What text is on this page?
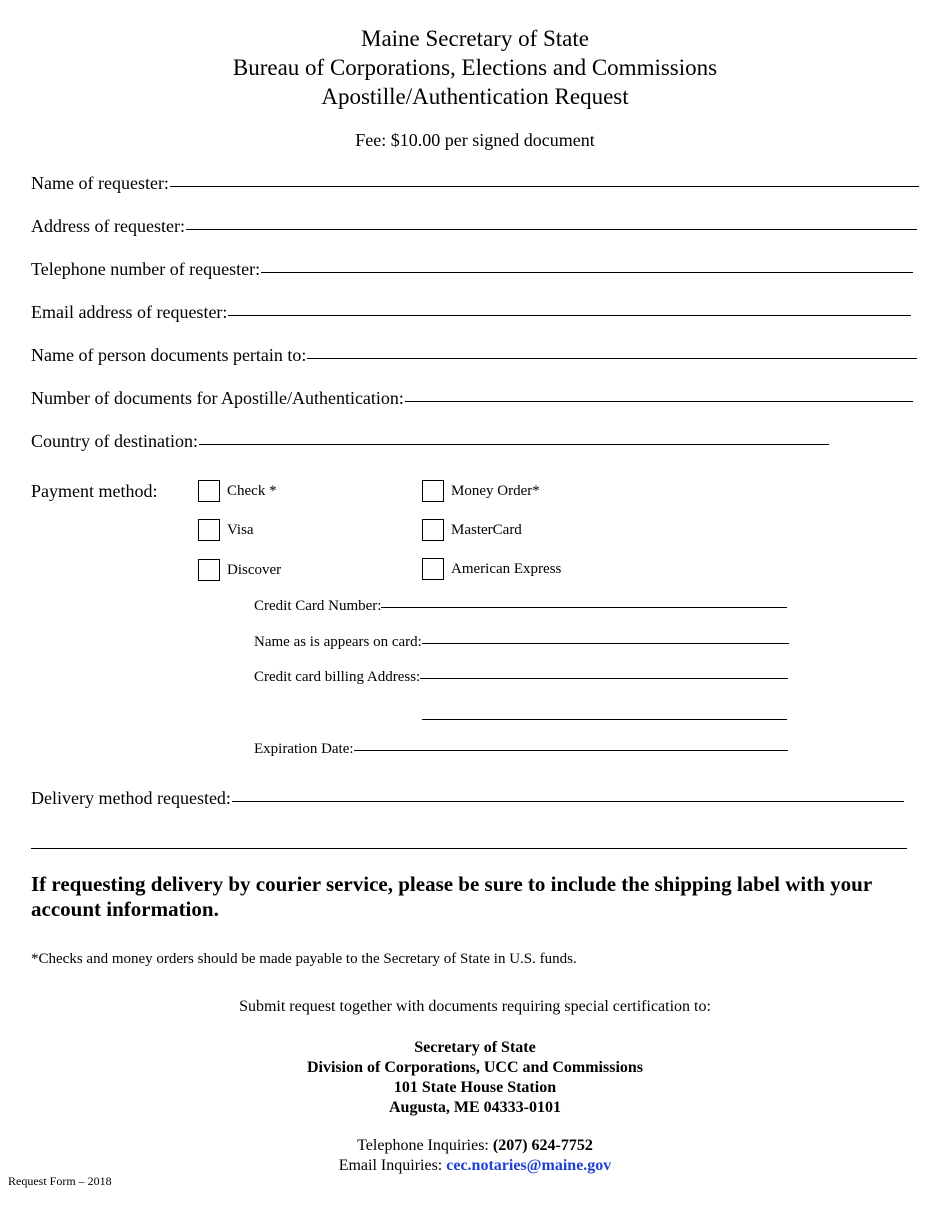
Maine Secretary of State
Bureau of Corporations, Elections and Commissions
Apostille/Authentication Request
Fee: $10.00 per signed document
Name of requester:
Address of requester:
Telephone number of requester:
Email address of requester:
Name of person documents pertain to:
Number of documents for Apostille/Authentication:
Country of destination:
Payment method:	Check *	Money Order*
Visa	MasterCard
Discover	American Express
Credit Card Number:
Name as is appears on card:
Credit card billing Address:
Expiration Date:
Delivery method requested:
If requesting delivery by courier service, please be sure to include the shipping label with your account information.
*Checks and money orders should be made payable to the Secretary of State in U.S. funds.
Submit request together with documents requiring special certification to:
Secretary of State
Division of Corporations, UCC and Commissions
101 State House Station
Augusta, ME 04333-0101
Telephone Inquiries: (207) 624-7752
Email Inquiries: cec.notaries@maine.gov
Request Form – 2018
